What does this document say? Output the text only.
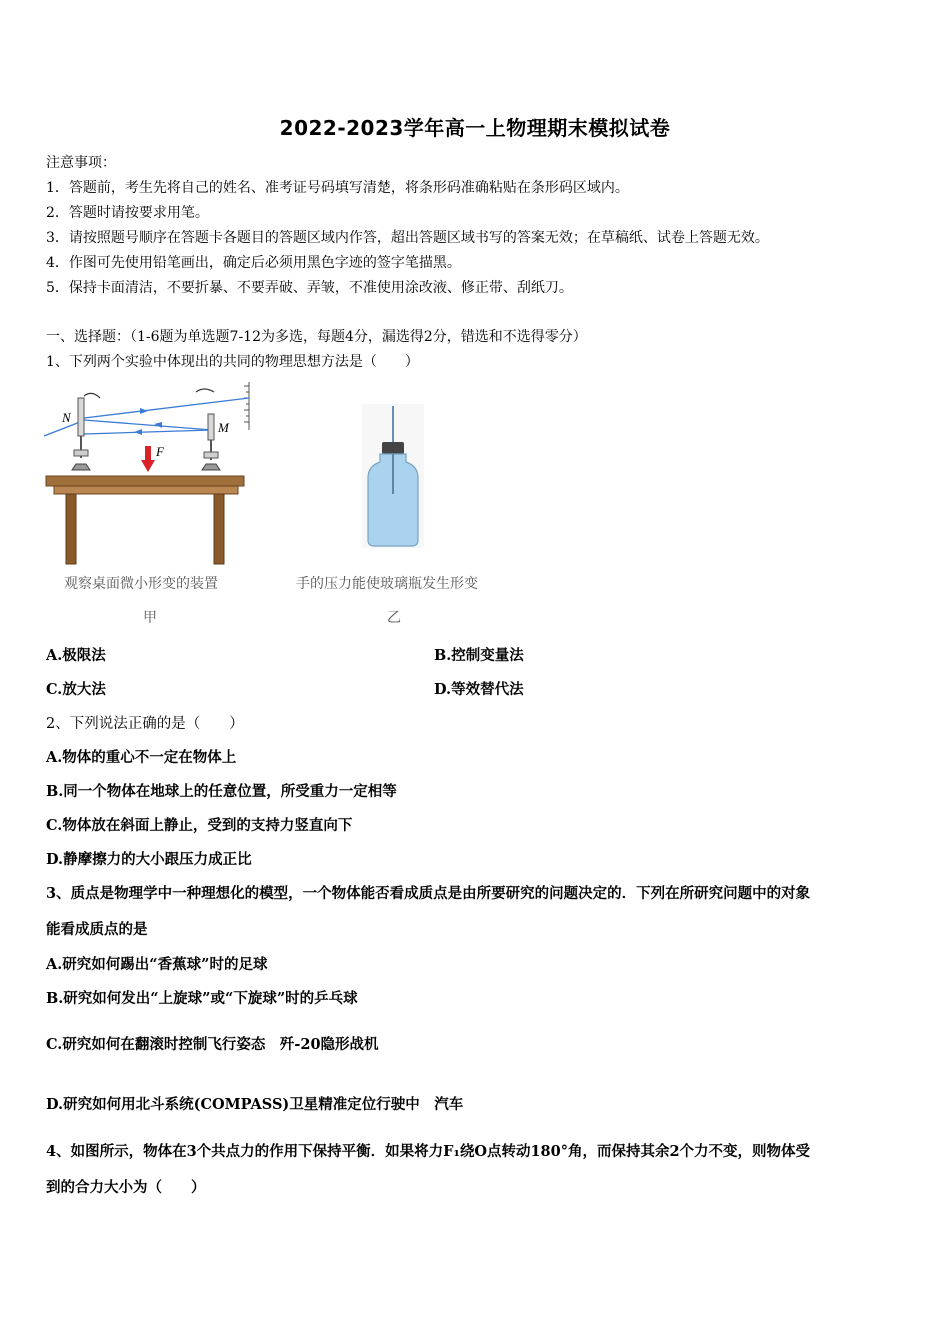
2022-2023学年高一上物理期末模拟试卷
注意事项：
1．答题前，考生先将自己的姓名、准考证号码填写清楚，将条形码准确粘贴在条形码区域内。
2．答题时请按要求用笔。
3．请按照题号顺序在答题卡各题目的答题区域内作答，超出答题区域书写的答案无效；在草稿纸、试卷上答题无效。
4．作图可先使用铅笔画出，确定后必须用黑色字迹的签字笔描黑。
5．保持卡面清洁，不要折暴、不要弄破、弄皱，不准使用涂改液、修正带、刮纸刀。
一、选择题：（1-6题为单选题7-12为多选，每题4分，漏选得2分，错选和不选得零分）
1、下列两个实验中体现出的共同的物理思想方法是（　　）
N
M
F
观察桌面微小形变的装置	手的压力能使玻璃瓶发生形变
甲	乙
A.极限法	B.控制变量法
C.放大法	D.等效替代法
2、下列说法正确的是（　　）
A.物体的重心不一定在物体上
B.同一个物体在地球上的任意位置，所受重力一定相等
C.物体放在斜面上静止，受到的支持力竖直向下
D.静摩擦力的大小跟压力成正比
3、质点是物理学中一种理想化的模型，一个物体能否看成质点是由所要研究的问题决定的．下列在所研究问题中的对象
能看成质点的是
A.研究如何踢出“香蕉球”时的足球
B.研究如何发出“上旋球”或“下旋球”时的乒乓球
C.研究如何在翻滚时控制飞行姿态　歼-20隐形战机
D.研究如何用北斗系统(COMPASS)卫星精准定位行驶中　汽车
4、如图所示，物体在3个共点力的作用下保持平衡．如果将力F₁绕O点转动180°角，而保持其余2个力不变，则物体受
到的合力大小为（　　）
